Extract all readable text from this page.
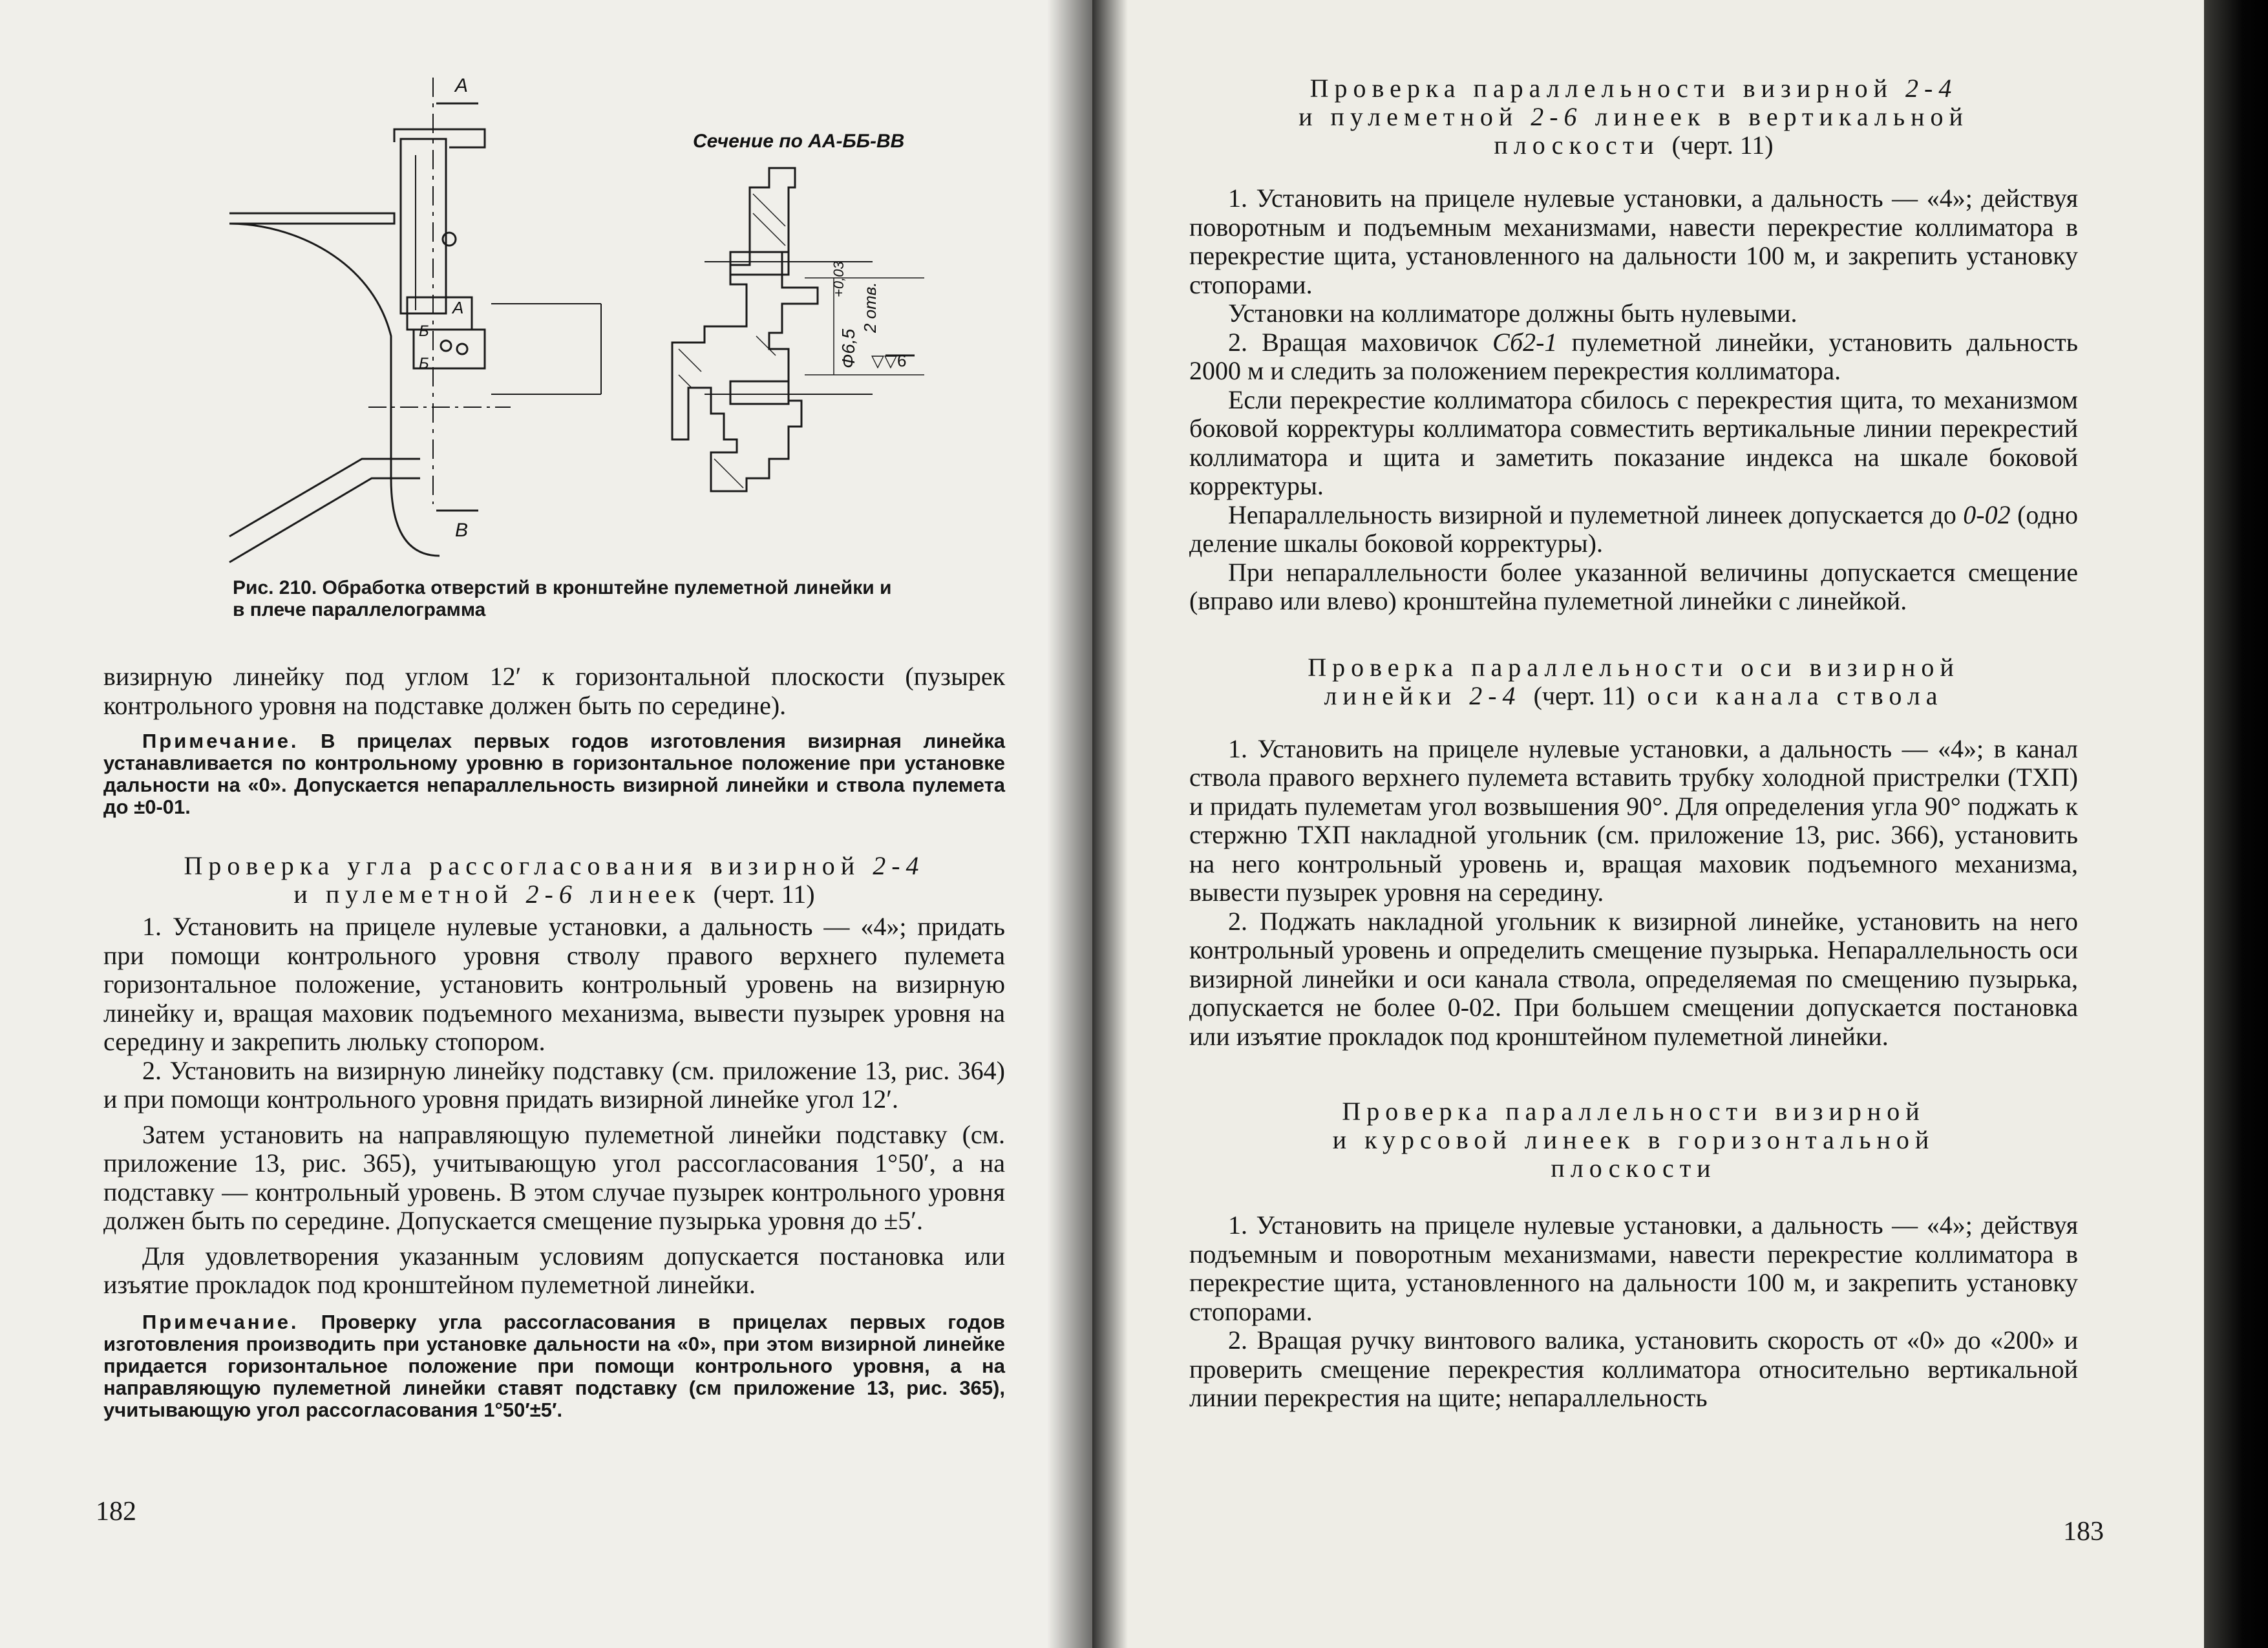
A
B
Сечение по АА-ББ-ВВ
А
Б
Б	Ф6,5
+0,03
2 отв.
▽▽6
Рис. 210. Обработка отверстий в кронштейне пулеметной линейки и в плече параллелограмма

визирную линейку под углом 12′ к горизонтальной плоскости (пузырек контрольного уровня на подставке должен быть по середине).

Примечание. В прицелах первых годов изготовления визирная линейка устанавливается по контрольному уровню в горизонтальное положение при установке дальности на «0». Допускается непараллельность визирной линейки и ствола пулемета до ±0-01.

Проверка угла рассогласования визирной 2-4
и пулеметной 2-6 линеек (черт. 11)

1. Установить на прицеле нулевые установки, а дальность — «4»; придать при помощи контрольного уровня стволу правого верхнего пулемета горизонтальное положение, установить контрольный уровень на визирную линейку и, вращая маховик подъемного механизма, вывести пузырек уровня на середину и закрепить люльку стопором.

2. Установить на визирную линейку подставку (см. приложение 13, рис. 364) и при помощи контрольного уровня придать визирной линейке угол 12′.

Затем установить на направляющую пулеметной линейки подставку (см. приложение 13, рис. 365), учитывающую угол рассогласования 1°50′, а на подставку — контрольный уровень. В этом случае пузырек контрольного уровня должен быть по середине. Допускается смещение пузырька уровня до ±5′.

Для удовлетворения указанным условиям допускается постановка или изъятие прокладок под кронштейном пулеметной линейки.

Примечание. Проверку угла рассогласования в прицелах первых годов изготовления производить при установке дальности на «0», при этом визирной линейке придается горизонтальное положение при помощи контрольного уровня, а на направляющую пулеметной линейки ставят подставку (см приложение 13, рис. 365), учитывающую угол рассогласования 1°50′±5′.

182
Проверка параллельности визирной 2-4
и пулеметной 2-6 линеек в вертикальной
плоскости (черт. 11)

1. Установить на прицеле нулевые установки, а дальность — «4»; действуя поворотным и подъемным механизмами, навести перекрестие коллиматора в перекрестие щита, установленного на дальности 100 м, и закрепить установку стопорами.

Установки на коллиматоре должны быть нулевыми.

2. Вращая маховичок Сб2-1 пулеметной линейки, установить дальность 2000 м и следить за положением перекрестия коллиматора.

Если перекрестие коллиматора сбилось с перекрестия щита, то механизмом боковой корректуры коллиматора совместить вертикальные линии перекрестий коллиматора и щита и заметить показание индекса на шкале боковой корректуры.

Непараллельность визирной и пулеметной линеек допускается до 0-02 (одно деление шкалы боковой корректуры).

При непараллельности более указанной величины допускается смещение (вправо или влево) кронштейна пулеметной линейки с линейкой.

Проверка параллельности оси визирной
линейки 2-4 (черт. 11) оси канала ствола

1. Установить на прицеле нулевые установки, а дальность — «4»; в канал ствола правого верхнего пулемета вставить трубку холодной пристрелки (ТХП) и придать пулеметам угол возвышения 90°. Для определения угла 90° поджать к стержню ТХП накладной угольник (см. приложение 13, рис. 366), установить на него контрольный уровень и, вращая маховик подъемного механизма, вывести пузырек уровня на середину.

2. Поджать накладной угольник к визирной линейке, установить на него контрольный уровень и определить смещение пузырька. Непараллельность оси визирной линейки и оси канала ствола, определяемая по смещению пузырька, допускается не более 0-02. При большем смещении допускается постановка или изъятие прокладок под кронштейном пулеметной линейки.

Проверка параллельности визирной
и курсовой линеек в горизонтальной
плоскости

1. Установить на прицеле нулевые установки, а дальность — «4»; действуя подъемным и поворотным механизмами, навести перекрестие коллиматора в перекрестие щита, установленного на дальности 100 м, и закрепить установку стопорами.

2. Вращая ручку винтового валика, установить скорость от «0» до «200» и проверить смещение перекрестия коллиматора относительно вертикальной линии перекрестия на щите; непараллельность

183
